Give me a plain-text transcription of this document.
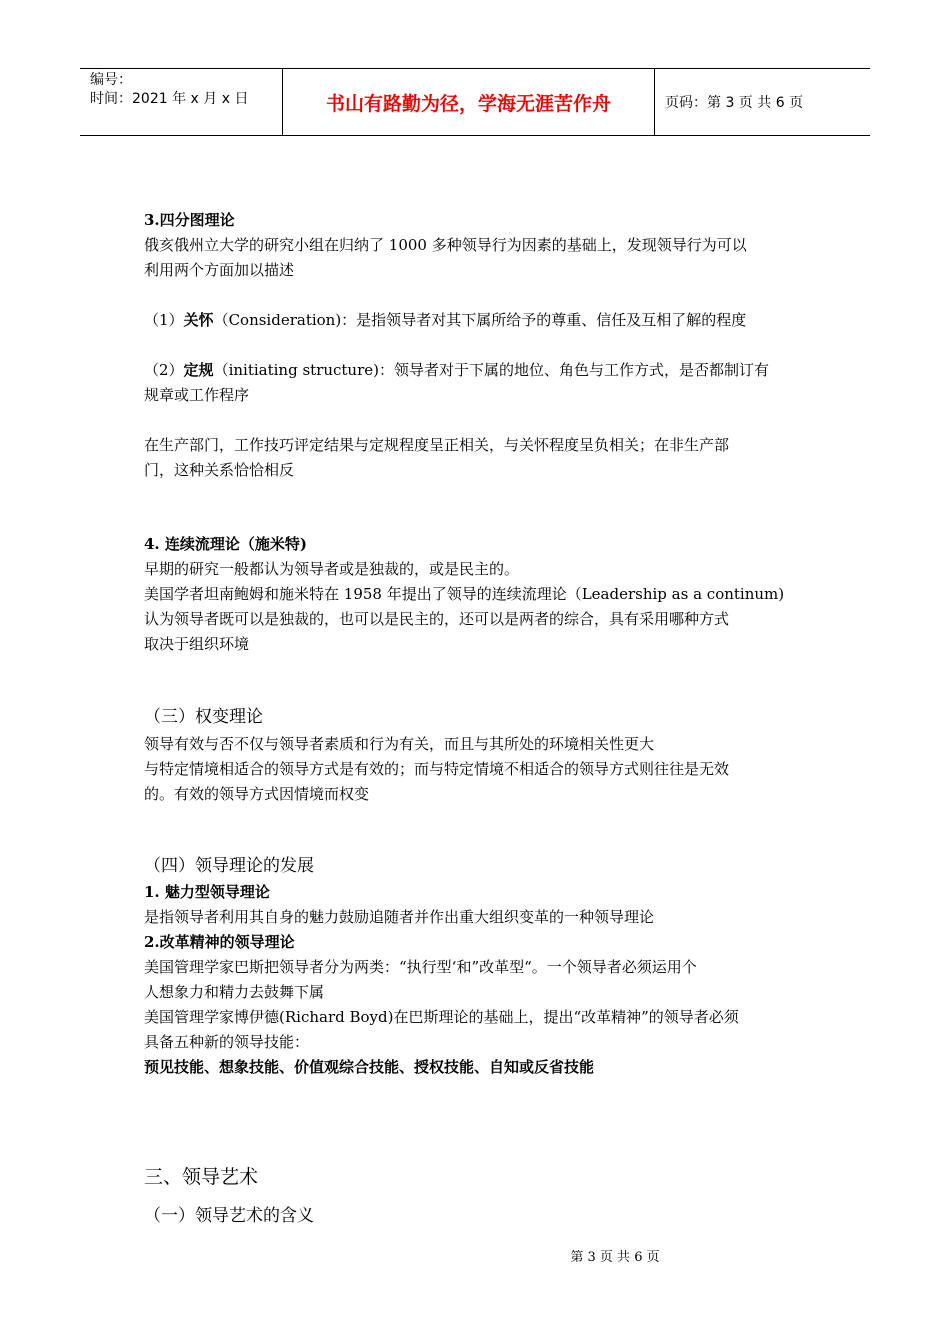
编号：
时间：2021 年 x 月 x 日	书山有路勤为径，学海无涯苦作舟	页码：第 3 页 共 6 页
3.四分图理论
俄亥俄州立大学的研究小组在归纳了 1000 多种领导行为因素的基础上，发现领导行为可以
利用两个方面加以描述
（1）关怀（Consideration)：是指领导者对其下属所给予的尊重、信任及互相了解的程度
（2）定规（initiating structure)：领导者对于下属的地位、角色与工作方式，是否都制订有
规章或工作程序
在生产部门，工作技巧评定结果与定规程度呈正相关，与关怀程度呈负相关；在非生产部
门，这种关系恰恰相反
4. 连续流理论（施米特)
早期的研究一般都认为领导者或是独裁的，或是民主的。
美国学者坦南鲍姆和施米特在 1958 年提出了领导的连续流理论（Leadership as a continum)
认为领导者既可以是独裁的，也可以是民主的，还可以是两者的综合，具有采用哪种方式
取决于组织环境
（三）权变理论
领导有效与否不仅与领导者素质和行为有关，而且与其所处的环境相关性更大
与特定情境相适合的领导方式是有效的；而与特定情境不相适合的领导方式则往往是无效
的。有效的领导方式因情境而权变
（四）领导理论的发展
1. 魅力型领导理论
是指领导者利用其自身的魅力鼓励追随者并作出重大组织变革的一种领导理论
2.改革精神的领导理论
美国管理学家巴斯把领导者分为两类：“执行型‘和”改革型“。一个领导者必须运用个
人想象力和精力去鼓舞下属
美国管理学家博伊德(Richard Boyd)在巴斯理论的基础上，提出“改革精神”的领导者必须
具备五种新的领导技能：
预见技能、想象技能、价值观综合技能、授权技能、自知或反省技能
三、领导艺术
（一）领导艺术的含义
第 3 页 共 6 页
